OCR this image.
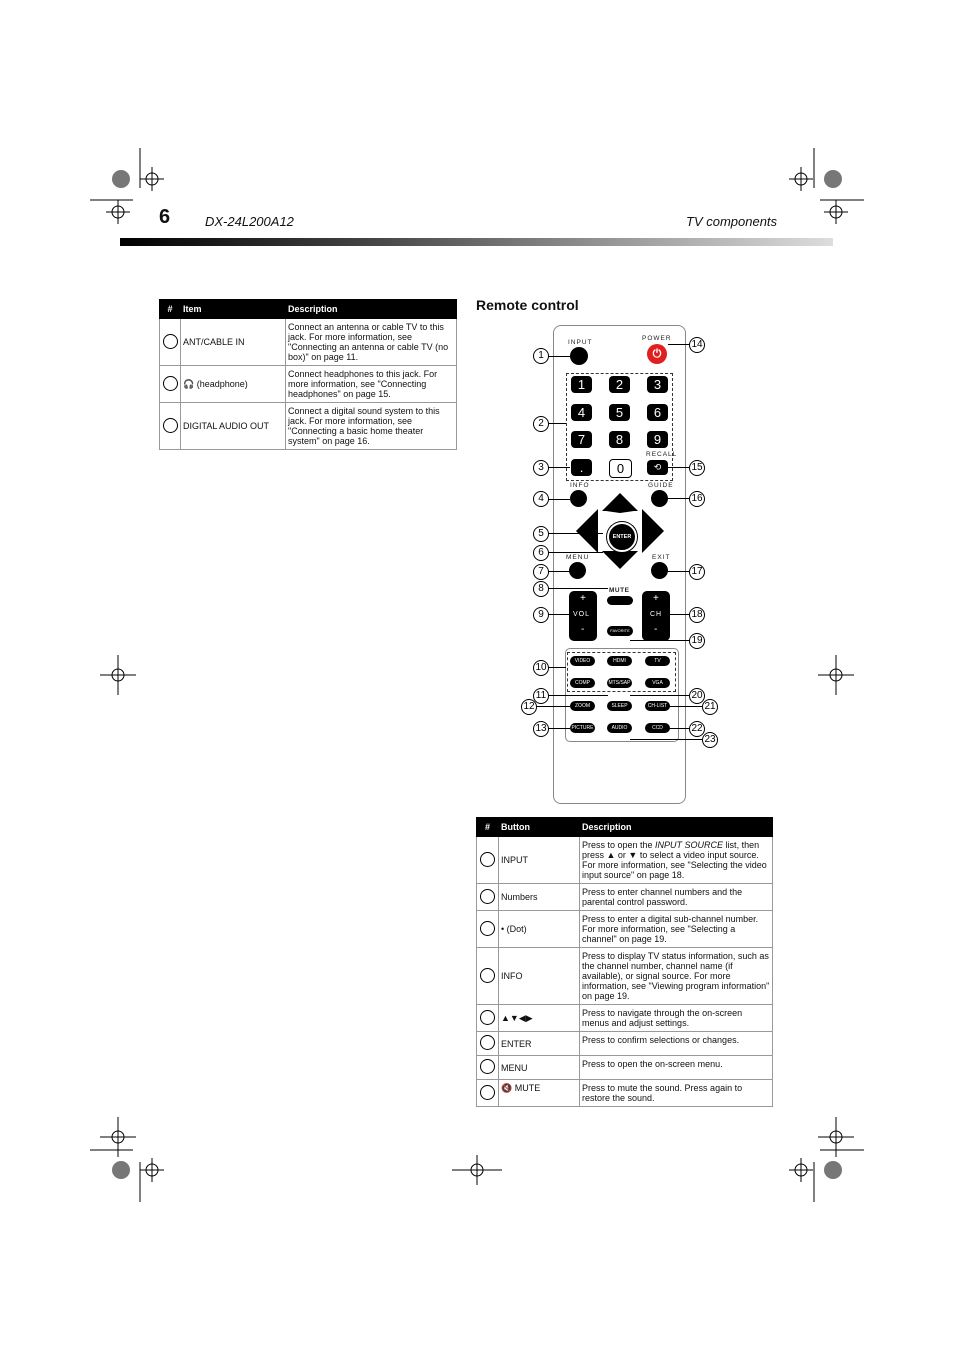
6	DX-24L200A12	TV components
#	Item	Description
	ANT/CABLE IN	Connect an antenna or cable TV to this jack. For more information, see "Connecting an antenna or cable TV (no box)" on page 11.
	🎧 (headphone)	Connect headphones to this jack. For more information, see "Connecting headphones" on page 15.
	DIGITAL AUDIO OUT	Connect a digital sound system to this jack. For more information, see "Connecting a basic home theater system" on page 16.
Remote control
INPUT
POWER
⏻
1	2	3
4	5	6
7	8	9
.	0
RECALL
⟲
INFO	GUIDE
ENTER
MENU	EXIT
MUTE
+
VOL
-
+
CH
-
FAVORITE
VIDEO	HDMI	TV
COMP	MTS/SAP	VGA
ZOOM	SLEEP	CH-LIST
PICTURE	AUDIO	CCD
1
2
3
4
5
6
7
8
9
10
11
12
13
14
15
16
17
18
19
20
21
22
23
#	Button	Description
	INPUT	Press to open the INPUT SOURCE list, then press ▲ or ▼ to select a video input source. For more information, see "Selecting the video input source" on page 18.
	Numbers	Press to enter channel numbers and the parental control password.
	• (Dot)	Press to enter a digital sub-channel number. For more information, see "Selecting a channel" on page 19.
	INFO	Press to display TV status information, such as the channel number, channel name (if available), or signal source. For more information, see "Viewing program information" on page 19.
	▲▼◀▶	Press to navigate through the on-screen menus and adjust settings.
	ENTER	Press to confirm selections or changes.
	MENU	Press to open the on-screen menu.
	🔇 MUTE	Press to mute the sound. Press again to restore the sound.
